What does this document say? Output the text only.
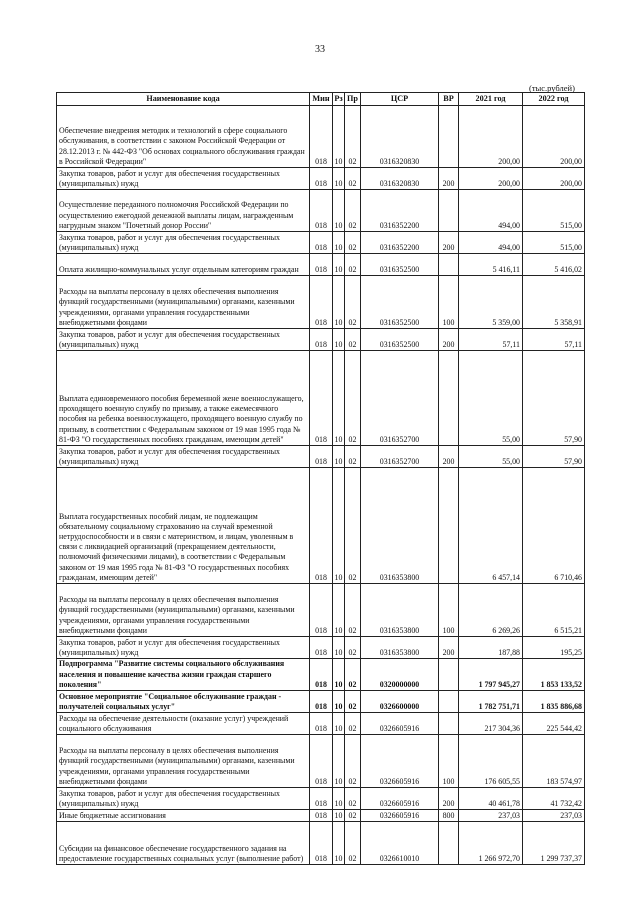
33
(тыс.рублей)
Наименование кода	Мин	Рз	Пр	ЦСР	ВР	2021 год	2022 год
Обеспечение внедрения методик и технологий в сфере социального обслуживания, в соответствии с законом Российской Федерации от 28.12.2013 г. № 442-ФЗ "Об основах социального обслуживания граждан в Российской Федерации"	018	10	02	0316320830		200,00	200,00
Закупка товаров, работ и услуг для обеспечения государственных (муниципальных) нужд	018	10	02	0316320830	200	200,00	200,00
Осуществление переданного полномочия Российской Федерации по осуществлению ежегодной денежной выплаты лицам, награжденным нагрудным знаком "Почетный донор России"	018	10	02	0316352200		494,00	515,00
Закупка товаров, работ и услуг для обеспечения государственных (муниципальных) нужд	018	10	02	0316352200	200	494,00	515,00
Оплата жилищно-коммунальных услуг отдельным категориям граждан	018	10	02	0316352500		5 416,11	5 416,02
Расходы на выплаты персоналу в целях обеспечения выполнения функций государственными (муниципальными) органами, казенными учреждениями, органами управления государственными внебюджетными фондами	018	10	02	0316352500	100	5 359,00	5 358,91
Закупка товаров, работ и услуг для обеспечения государственных (муниципальных) нужд	018	10	02	0316352500	200	57,11	57,11
Выплата единовременного пособия беременной жене военнослужащего, проходящего военную службу по призыву, а также ежемесячного пособия на ребенка военнослужащего, проходящего военную службу по призыву, в соответствии с Федеральным законом от 19 мая 1995 года № 81-ФЗ "О государственных пособиях гражданам, имеющим детей"	018	10	02	0316352700		55,00	57,90
Закупка товаров, работ и услуг для обеспечения государственных (муниципальных) нужд	018	10	02	0316352700	200	55,00	57,90
Выплата государственных пособий лицам, не подлежащим обязательному социальному страхованию на случай временной нетрудоспособности и в связи с материнством, и лицам, уволенным в связи с ликвидацией организаций (прекращением деятельности, полномочий физическими лицами), в соответствии с Федеральным законом от 19 мая 1995 года № 81-ФЗ "О государственных пособиях гражданам, имеющим детей"	018	10	02	0316353800		6 457,14	6 710,46
Расходы на выплаты персоналу в целях обеспечения выполнения функций государственными (муниципальными) органами, казенными учреждениями, органами управления государственными внебюджетными фондами	018	10	02	0316353800	100	6 269,26	6 515,21
Закупка товаров, работ и услуг для обеспечения государственных (муниципальных) нужд	018	10	02	0316353800	200	187,88	195,25
Подпрограмма "Развитие системы социального обслуживания населения и повышение качества жизни граждан старшего поколения"	018	10	02	0320000000		1 797 945,27	1 853 133,52
Основное мероприятие "Социальное обслуживание граждан - получателей социальных услуг"	018	10	02	0326600000		1 782 751,71	1 835 886,68
Расходы на обеспечение деятельности (оказание услуг) учреждений социального обслуживания	018	10	02	0326605916		217 304,36	225 544,42
Расходы на выплаты персоналу в целях обеспечения выполнения функций государственными (муниципальными) органами, казенными учреждениями, органами управления государственными внебюджетными фондами	018	10	02	0326605916	100	176 605,55	183 574,97
Закупка товаров, работ и услуг для обеспечения государственных (муниципальных) нужд	018	10	02	0326605916	200	40 461,78	41 732,42
Иные бюджетные ассигнования	018	10	02	0326605916	800	237,03	237,03
Субсидии на финансовое обеспечение государственного задания на предоставление государственных социальных услуг (выполнение работ)	018	10	02	0326610010		1 266 972,70	1 299 737,37
